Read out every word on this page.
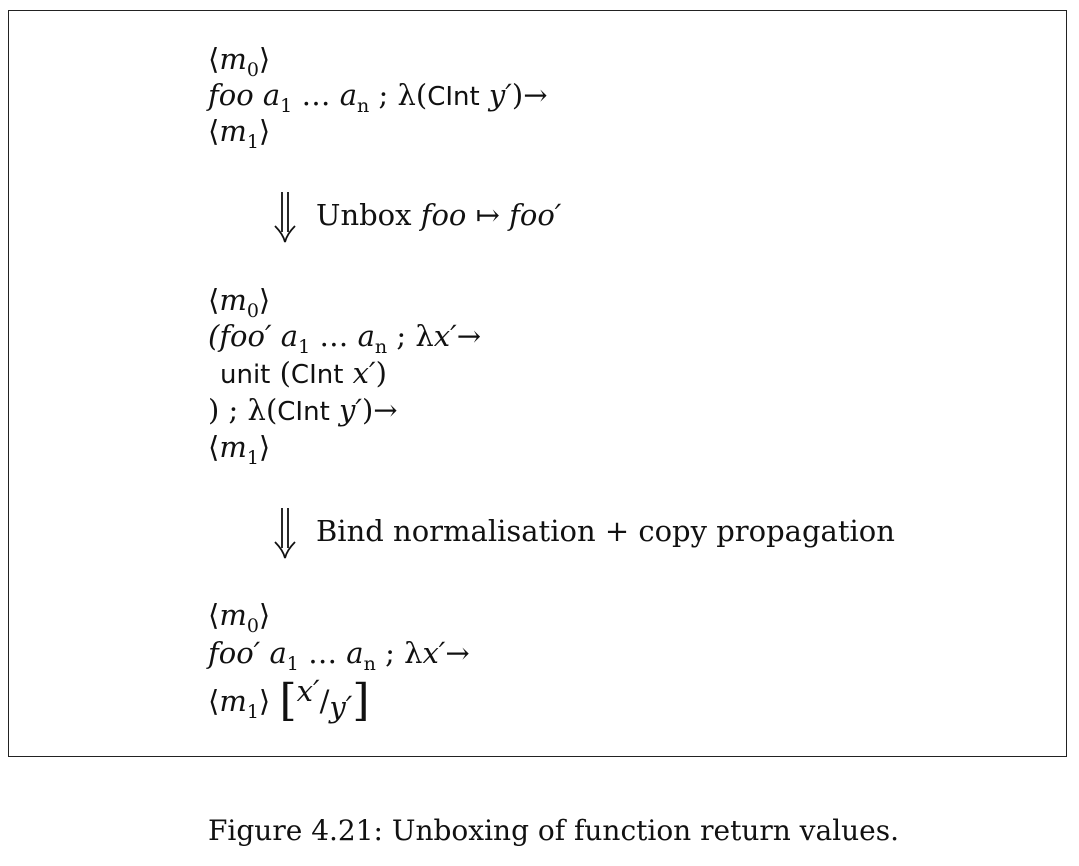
$⟨m_0⟩$
foo $a_1$ … $a_n$ ; λ(CInt y′)→
$⟨m_1⟩$
Unbox foo ↦ foo′
$⟨m_0⟩$
(foo′ $a_1$ … $a_n$ ; λx′→
unit (CInt x′)
) ; λ(CInt y′)→
$⟨m_1⟩$
Bind normalisation + copy propagation
$⟨m_0⟩$
foo′ $a_1$ … $a_n$ ; λx′→
$⟨m_1⟩$ [x′/y′]
Figure 4.21: Unboxing of function return values.
